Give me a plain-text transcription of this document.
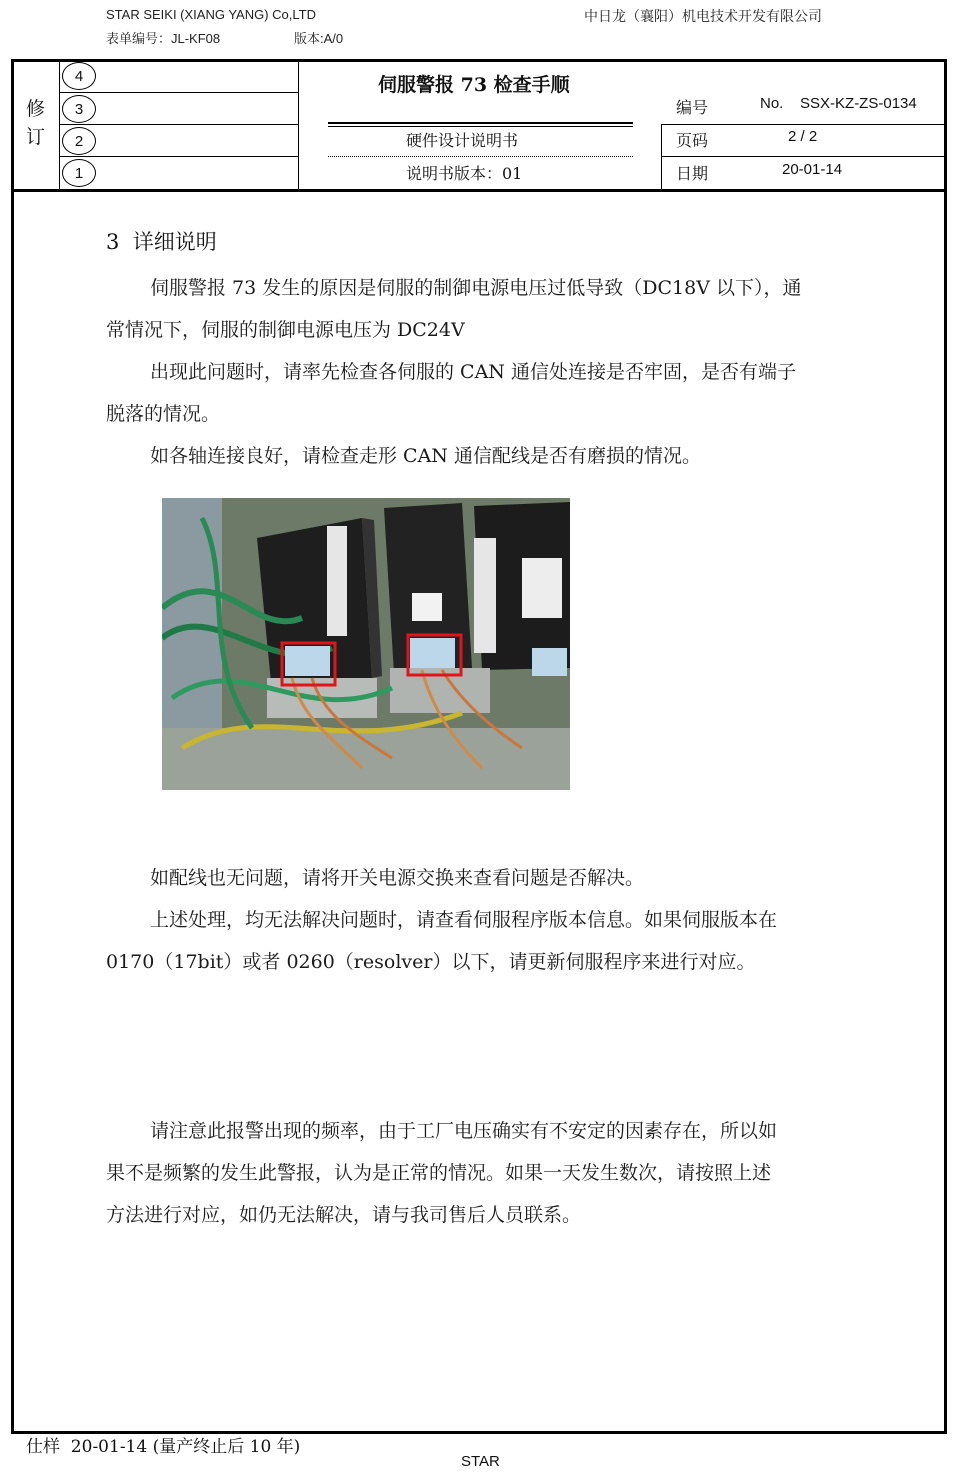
STAR SEIKI (XIANG YANG) Co,LTD
表单编号：JL-KF08	版本:A/0
中日龙（襄阳）机电技术开发有限公司
修
订
4
3
2
1
伺服警报 73 检查手顺
硬件设计说明书
说明书版本：01
编号	No.    SSX-KZ-ZS-0134
页码	2 / 2
日期	20-01-14
3  详细说明
伺服警报 73 发生的原因是伺服的制御电源电压过低导致（DC18V 以下），通
常情况下，伺服的制御电源电压为 DC24V
出现此问题时，请率先检查各伺服的 CAN 通信处连接是否牢固，是否有端子
脱落的情况。
如各轴连接良好，请检查走形 CAN 通信配线是否有磨损的情况。
如配线也无问题，请将开关电源交换来查看问题是否解决。
上述处理，均无法解决问题时，请查看伺服程序版本信息。如果伺服版本在
0170（17bit）或者 0260（resolver）以下，请更新伺服程序来进行对应。
请注意此报警出现的频率，由于工厂电压确实有不安定的因素存在，所以如
果不是频繁的发生此警报，认为是正常的情况。如果一天发生数次，请按照上述
方法进行对应，如仍无法解决，请与我司售后人员联系。
仕样  20-01-14 (量产终止后 10 年)
STAR
